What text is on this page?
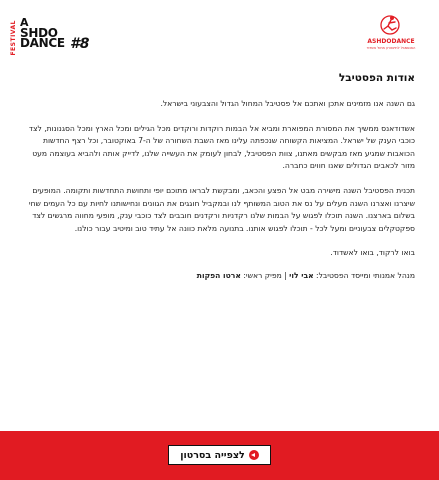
FESTIVAL A
SHDO
DANCE #8	ASHDODANCE
האנסמבל לתיאטרון מחול אשדוד
אודות הפסטיבל

גם השנה אנו מזמינים אתכן ואתכם אל פסטיבל המחול הגדול והצבעוני בישראל.

אשדודאנס ממשיך את המסורת המפוארת ומביא אל הבמות רוקדות ורוקדים מכל הגילים ומכל הארץ ומכל הסגנונות, לצד כוכבי הענק של ישראל. המציאות הקשוחה שנכפתה עלינו מאז השבת השחורה של ה-7 באוקטובר, וכל רצף החדשות הכואבות שמגיע מאז מבקשים מאתנו, צוות הפסטיבל, לבחון לעומק את העשייה שלנו, לדייק אותה ולהביא בעוצמה מעט מזור לכאבים הגדולים שאנו חווים כחברה.

תכנית הפסטיבל השנה מישירה מבט אל הפצע והכאב, ומבקשת לבראו מתוכם יופי ותחושת התחדשות ותקומה. המופעים שיצרנו ואצרנו השנה מעלים על נס את הטוב המשותף לנו ובמקביל חוגגים את הגוונים ונחישותנו לחיות עם כל העמים שחי בשלום בארצנו. השנה תוכלו לפגוש על הבמות שלנו רקדניות ורקדנים חובבים לצד כוכבי ענק, מופעי מחווה מרגשים לצד ספקטקלים צבעוניים ומעל לכל - תוכלו לפגוש אותנו. בתנועה מלאת כוונה אל עתיד טוב ומיטיב עבור כולנו.

בואו לרקוד, בואו לאשדוד.

מנהל אמנותי ומייסד הפסטיבל: אבי לוי | מפיק ראשי: ארטו הפקות

לצפייה בסרטון
